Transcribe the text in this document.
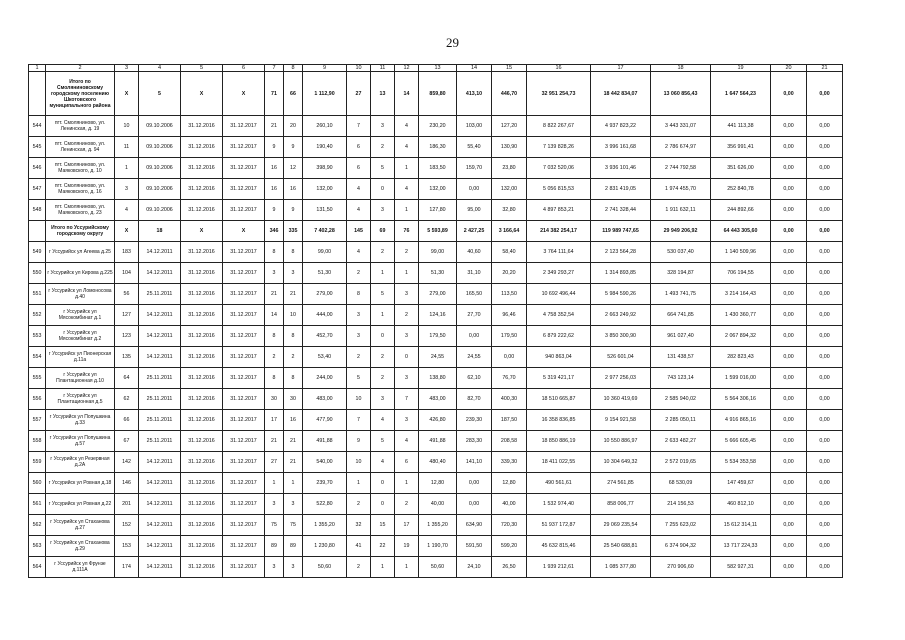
29
1	2	3	4	5	6	7	8	9	10	11	12	13	14	15	16	17	18	19	20	21
	Итого по Смоляниновскому городскому поселению Шкотовского муниципального района	X	5	X	X	71	66	1 112,90	27	13	14	859,80	413,10	446,70	32 951 254,73	18 442 834,07	13 060 856,43	1 647 564,23	0,00	0,00
544	пгт. Смоляниново, ул. Ленинская, д. 19	10	09.10.2006	31.12.2016	31.12.2017	21	20	260,10	7	3	4	230,20	103,00	127,20	8 822 267,67	4 937 823,22	3 443 331,07	441 113,38	0,00	0,00
545	пгт. Смоляниново, ул. Ленинская, д. 94	11	09.10.2006	31.12.2016	31.12.2017	9	9	190,40	6	2	4	186,30	55,40	130,90	7 139 828,26	3 996 161,68	2 786 674,97	356 991,41	0,00	0,00
546	пгт. Смоляниново, ул. Маяковского, д. 10	1	09.10.2006	31.12.2016	31.12.2017	16	12	398,90	6	5	1	183,50	159,70	23,80	7 032 520,06	3 936 101,46	2 744 792,58	351 626,00	0,00	0,00
547	пгт. Смоляниново, ул. Маяковского, д. 16	3	09.10.2006	31.12.2016	31.12.2017	16	16	132,00	4	0	4	132,00	0,00	132,00	5 056 815,53	2 831 419,05	1 974 455,70	252 840,78	0,00	0,00
548	пгт. Смоляниново, ул. Маяковского, д. 23	4	09.10.2006	31.12.2016	31.12.2017	9	9	131,50	4	3	1	127,80	95,00	32,80	4 897 853,21	2 741 328,44	1 911 632,11	244 892,66	0,00	0,00
	Итого по Уссурийскому городскому округу	X	18	X	X	346	335	7 402,28	145	69	76	5 593,89	2 427,25	3 166,64	214 382 254,17	119 989 747,65	29 949 206,92	64 443 305,60	0,00	0,00
549	г Уссурийск ул Агеева д.25	183	14.12.2011	31.12.2016	31.12.2017	8	8	99,00	4	2	2	99,00	40,60	58,40	3 764 111,64	2 123 564,28	530 037,40	1 140 509,96	0,00	0,00
550	г Уссурийск ул Кирова д.225	104	14.12.2011	31.12.2016	31.12.2017	3	3	51,30	2	1	1	51,30	31,10	20,20	2 349 293,27	1 314 893,85	328 194,87	706 194,55	0,00	0,00
551	г Уссурийск ул Ломоносова д.40	56	25.11.2011	31.12.2016	31.12.2017	21	21	279,00	8	5	3	279,00	165,50	113,50	10 692 496,44	5 984 590,26	1 493 741,75	3 214 164,43	0,00	0,00
552	г Уссурийск ул Мясокомбинат д.1	127	14.12.2011	31.12.2016	31.12.2017	14	10	444,00	3	1	2	124,16	27,70	96,46	4 758 352,54	2 663 249,92	664 741,85	1 430 360,77	0,00	0,00
553	г Уссурийск ул Мясокомбинат д.2	123	14.12.2011	31.12.2016	31.12.2017	8	8	452,70	3	0	3	179,50	0,00	179,50	6 879 222,62	3 850 300,90	961 027,40	2 067 894,32	0,00	0,00
554	г Уссурийск ул Пионерская д.11а	135	14.12.2011	31.12.2016	31.12.2017	2	2	53,40	2	2	0	24,55	24,55	0,00	940 863,04	526 601,04	131 438,57	282 823,43	0,00	0,00
555	г Уссурийск ул Плантационная д.10	64	25.11.2011	31.12.2016	31.12.2017	8	8	244,00	5	2	3	138,80	62,10	76,70	5 319 421,17	2 977 256,03	743 123,14	1 599 016,00	0,00	0,00
556	г Уссурийск ул Плантационная д.5	62	25.11.2011	31.12.2016	31.12.2017	30	30	483,00	10	3	7	483,00	82,70	400,30	18 510 665,87	10 360 419,69	2 585 940,02	5 564 306,16	0,00	0,00
557	г Уссурийск ул Попушкина д.33	66	25.11.2011	31.12.2016	31.12.2017	17	16	477,90	7	4	3	426,80	239,30	187,50	16 358 836,85	9 154 921,58	2 285 050,11	4 916 865,16	0,00	0,00
558	г Уссурийск ул Попушкина д.57	67	25.11.2011	31.12.2016	31.12.2017	21	21	491,88	9	5	4	491,88	283,30	208,58	18 850 886,19	10 550 886,97	2 633 482,27	5 666 605,45	0,00	0,00
559	г Уссурийск ул Резервная д.2А	142	14.12.2011	31.12.2016	31.12.2017	27	21	540,00	10	4	6	480,40	141,10	339,30	18 411 022,55	10 304 649,32	2 572 019,65	5 534 353,58	0,00	0,00
560	г Уссурийск ул Ровная д.18	146	14.12.2011	31.12.2016	31.12.2017	1	1	239,70	1	0	1	12,80	0,00	12,80	490 561,61	274 561,85	68 530,09	147 459,67	0,00	0,00
561	г Уссурийск ул Ровная д.22	201	14.12.2011	31.12.2016	31.12.2017	3	3	522,80	2	0	2	40,00	0,00	40,00	1 532 974,40	858 006,77	214 156,53	460 812,10	0,00	0,00
562	г Уссурийск ул Стаханова д.27	152	14.12.2011	31.12.2016	31.12.2017	75	75	1 355,20	32	15	17	1 355,20	634,90	720,30	51 937 172,87	29 069 235,54	7 255 623,02	15 612 314,11	0,00	0,00
563	г Уссурийск ул Стаханова д.29	153	14.12.2011	31.12.2016	31.12.2017	89	89	1 230,80	41	22	19	1 190,70	591,50	599,20	45 632 815,46	25 540 688,81	6 374 904,32	13 717 224,33	0,00	0,00
564	г Уссурийск ул Фрунзе д.111А	174	14.12.2011	31.12.2016	31.12.2017	3	3	50,60	2	1	1	50,60	24,10	26,50	1 939 212,61	1 085 377,80	270 906,60	582 927,31	0,00	0,00
